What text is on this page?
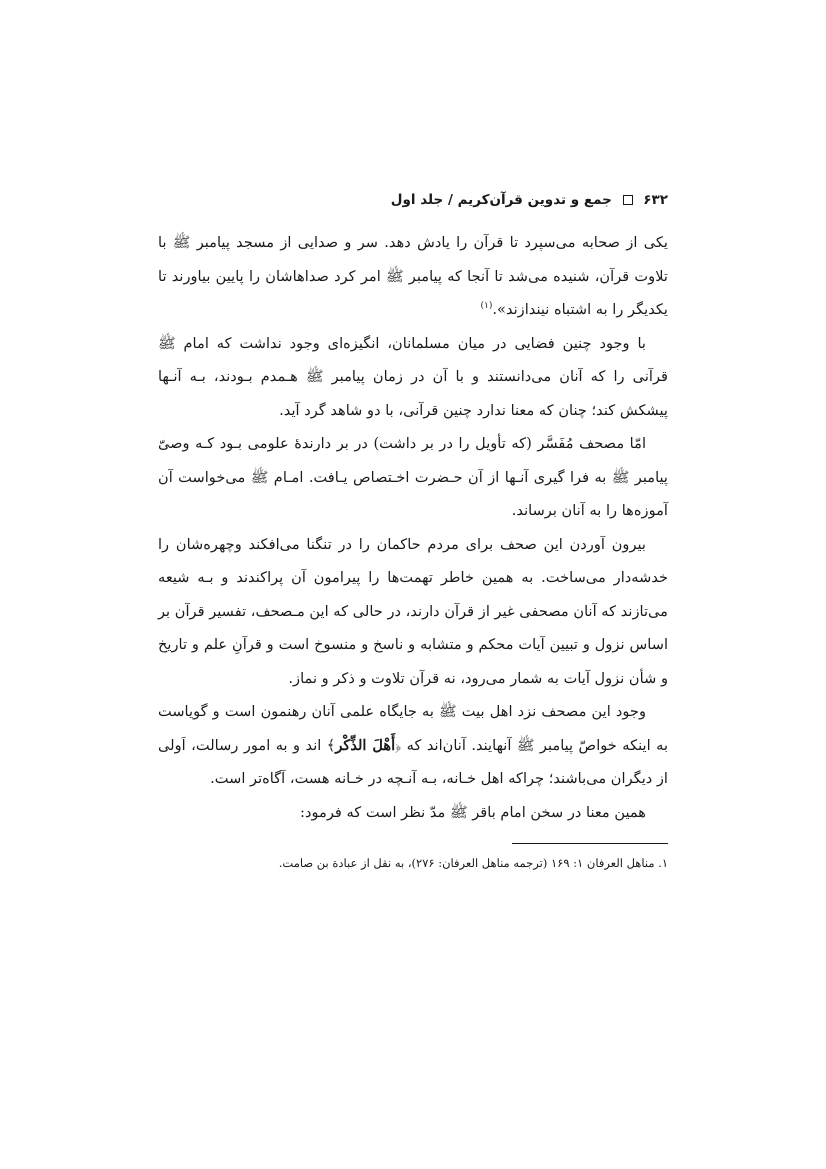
۶۳۲  جمع و تدوین قرآن‌کریم / جلد اول

یکی از صحابه می‌سپرد تا قرآن را یادش دهد. سر و صدایی از مسجد پیامبر ﷺ با تلاوت قرآن، شنیده می‌شد تا آنجا که پیامبر ﷺ امر کرد صداهاشان را پایین بیاورند تا یکدیگر را به اشتباه نیندازند».$^{(۱)}$

با وجود چنین فضایی در میان مسلمانان، انگیزه‌ای وجود نداشت که امام ﷺ قرآنی را که آنان می‌دانستند و با آن در زمان پیامبر ﷺ هـمدم بـودند، بـه آنـها پیشکش کند؛ چنان که معنا ندارد چنین قرآنی، با دو شاهد گرد آید.

امّا مصحف مُفَسَّر (که تأویل را در بر داشت) در بر دارندهٔ علومی بـود کـه وصیّ پیامبر ﷺ به فرا گیری آنـها از آن حـضرت اخـتصاص یـافت. امـام ﷺ می‌خواست آن آموزه‌ها را به آنان برساند.

بیرون آوردن این صحف برای مردم حاکمان را در تنگنا می‌افکند وچهره‌شان را خدشه‌دار می‌ساخت. به همین خاطر تهمت‌ها را پیرامون آن پراکندند و بـه شیعه می‌تازند که آنان مصحفی غیر از قرآن دارند، در حالی که این مـصحف، تفسیر قرآن بر اساس نزول و تبیین آیات محکم و متشابه و ناسخ و منسوخ است و قرآنِ علم و تاریخ و شأن نزول آیات به شمار می‌رود، نه قرآن تلاوت و ذکر و نماز.

وجود این مصحف نزد اهل بیت ﷺ به جایگاه علمی آنان رهنمون است و گویاست به اینکه خواصّ پیامبر ﷺ آنهایند. آنان‌اند که ﴿أَهْلَ الذِّكْر﴾ اند و به امور رسالت، اَولی از دیگران می‌باشند؛ چراکه اهل خـانه، بـه آنـچه در خـانه هست، آگاه‌تر است.

همین معنا در سخن امام باقر ﷺ مدّ نظر است که فرمود:

۱. مناهل العرفان ۱: ۱۶۹ (ترجمه مناهل العرفان: ۲۷۶)، به نقل از عبادة بن صامت.
